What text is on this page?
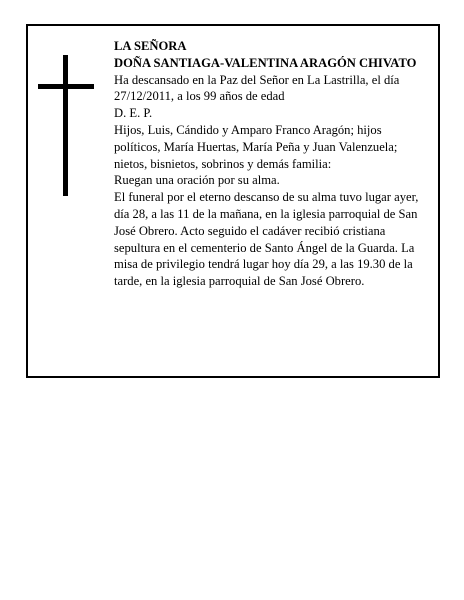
LA SEÑORA
DOÑA SANTIAGA-VALENTINA ARAGÓN CHIVATO
Ha descansado en la Paz del Señor en La Lastrilla, el día 27/12/2011, a los 99 años de edad
D. E. P.
Hijos, Luis, Cándido y Amparo Franco Aragón; hijos políticos, María Huertas, María Peña y Juan Valenzuela; nietos, bisnietos, sobrinos y demás familia:
Ruegan una oración por su alma.
El funeral por el eterno descanso de su alma tuvo lugar ayer, día 28, a las 11 de la mañana, en la iglesia parroquial de San José Obrero. Acto seguido el cadáver recibió cristiana sepultura en el cementerio de Santo Ángel de la Guarda. La misa de privilegio tendrá lugar hoy día 29, a las 19.30 de la tarde, en la iglesia parroquial de San José Obrero.
